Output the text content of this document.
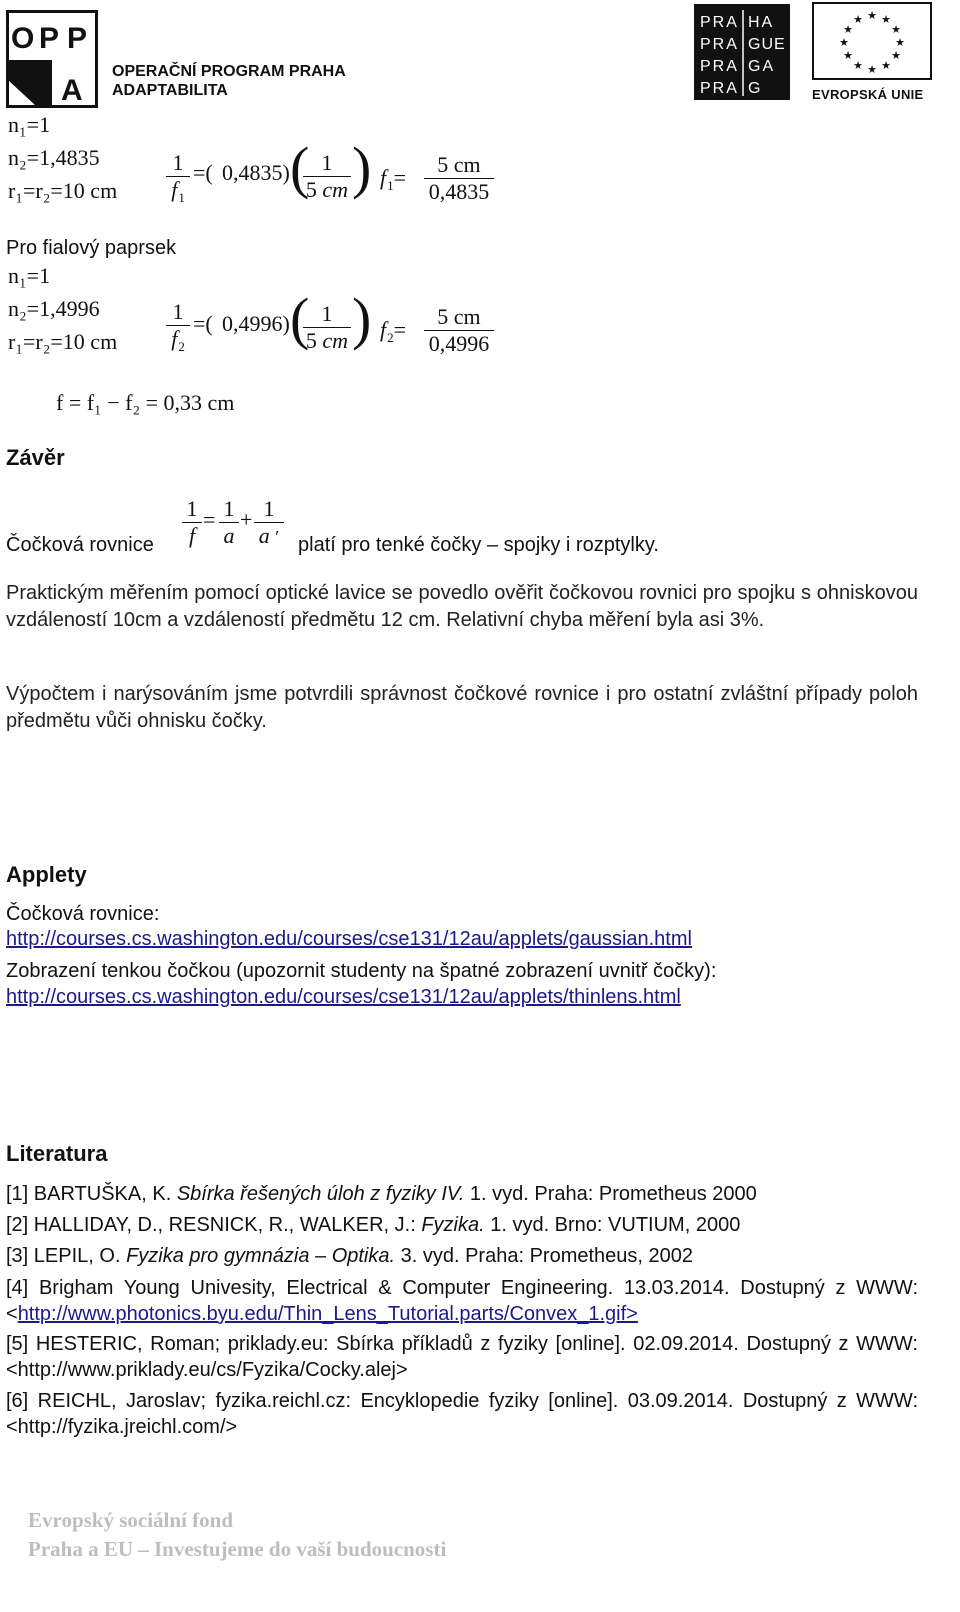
O P P
A
OPERAČNÍ PROGRAM PRAHA
ADAPTABILITA
PRA HA
PRA GUE
PRA GA
PRA G
★ ★
★
★
★
★
★
★
★
★
★
★
EVROPSKÁ UNIE
n₁=1
n₂=1,4835
r₁=r₂=10 cm $\frac{1}{f_1}$ =( 0,4835) (
$\frac{1}{5 cm}$ ) $f_1= \frac{5 cm}{0,4835}$
Pro fialový paprsek
n₁=1
n₂=1,4996
r₁=r₂=10 cm $\frac{1}{f_2}$ =( 0,4996) (
$\frac{1}{5 cm}$ ) $f_2= \frac{5 cm}{0,4996}$
f = f₁ − f₂ = 0,33 cm
Závěr
Čočková rovnice $\frac{1}{f} = \frac{1}{a} + \frac{1}{a '}$ platí pro tenké čočky – spojky i rozptylky.
Praktickým měřením pomocí optické lavice se povedlo ověřit čočkovou rovnici pro spojku s ohniskovou vzdáleností 10cm a vzdáleností předmětu 12 cm. Relativní chyba měření byla asi 3%.
Výpočtem i narýsováním jsme potvrdili správnost čočkové rovnice i pro ostatní zvláštní případy poloh předmětu vůči ohnisku čočky.
Applety
Čočková rovnice:
http://courses.cs.washington.edu/courses/cse131/12au/applets/gaussian.html
Zobrazení tenkou čočkou (upozornit studenty na špatné zobrazení uvnitř čočky):
http://courses.cs.washington.edu/courses/cse131/12au/applets/thinlens.html
Literatura
[1] BARTUŠKA, K. Sbírka řešených úloh z fyziky IV. 1. vyd. Praha: Prometheus 2000
[2] HALLIDAY, D., RESNICK, R., WALKER, J.: Fyzika. 1. vyd. Brno: VUTIUM, 2000
[3] LEPIL, O. Fyzika pro gymnázia – Optika. 3. vyd. Praha: Prometheus, 2002
[4] Brigham Young Univesity, Electrical & Computer Engineering. 13.03.2014. Dostupný z WWW: <http://www.photonics.byu.edu/Thin_Lens_Tutorial.parts/Convex_1.gif>
[5] HESTERIC, Roman; priklady.eu: Sbírka příkladů z fyziky [online]. 02.09.2014. Dostupný z WWW: <http://www.priklady.eu/cs/Fyzika/Cocky.alej>
[6] REICHL, Jaroslav; fyzika.reichl.cz: Encyklopedie fyziky [online]. 03.09.2014. Dostupný z WWW: <http://fyzika.jreichl.com/>
Evropský sociální fond
Praha a EU – Investujeme do vaší budoucnosti
